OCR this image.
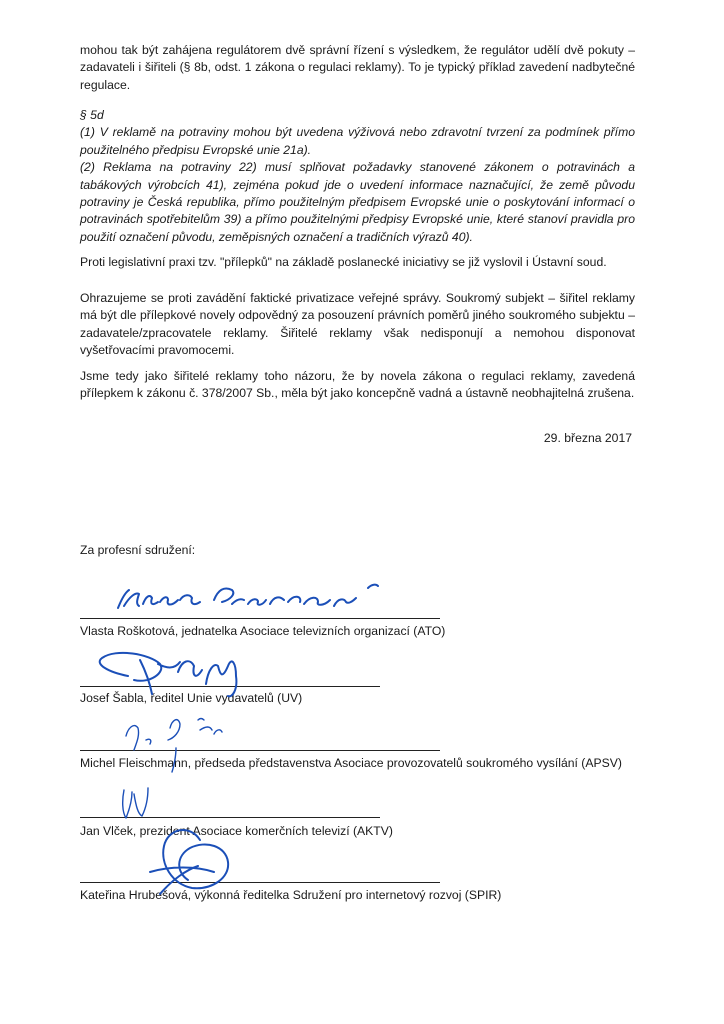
mohou tak být zahájena regulátorem dvě správní řízení s výsledkem, že regulátor udělí dvě pokuty – zadavateli i šiřiteli (§ 8b, odst. 1 zákona o regulaci reklamy). To je typický příklad zavedení nadbytečné regulace.

§ 5d

(1) V reklamě na potraviny mohou být uvedena výživová nebo zdravotní tvrzení za podmínek přímo použitelného předpisu Evropské unie 21a).

(2) Reklama na potraviny 22) musí splňovat požadavky stanovené zákonem o potravinách a tabákových výrobcích 41), zejména pokud jde o uvedení informace naznačující, že země původu potraviny je Česká republika, přímo použitelným předpisem Evropské unie o poskytování informací o potravinách spotřebitelům 39) a přímo použitelnými předpisy Evropské unie, které stanoví pravidla pro použití označení původu, zeměpisných označení a tradičních výrazů 40).

Proti legislativní praxi tzv. "přílepků" na základě poslanecké iniciativy se již vyslovil i Ústavní soud.

Ohrazujeme se proti zavádění faktické privatizace veřejné správy. Soukromý subjekt – šiřitel reklamy má být dle přílepkové novely odpovědný za posouzení právních poměrů jiného soukromého subjektu – zadavatele/zpracovatele reklamy. Šiřitelé reklamy však nedisponují a nemohou disponovat vyšetřovacími pravomocemi.

Jsme tedy jako šiřitelé reklamy toho názoru, že by novela zákona o regulaci reklamy, zavedená přílepkem k zákonu č. 378/2007 Sb., měla být jako koncepčně vadná a ústavně neobhajitelná zrušena.

29. března 2017
Za profesní sdružení:
Vlasta Roškotová, jednatelka Asociace televizních organizací (ATO)
Josef Šabla, ředitel Unie vydavatelů (UV)
Michel Fleischmann, předseda představenstva Asociace provozovatelů soukromého vysílání (APSV)
Jan Vlček, prezident Asociace komerčních televizí (AKTV)
Kateřina Hrubešová, výkonná ředitelka Sdružení pro internetový rozvoj (SPIR)
